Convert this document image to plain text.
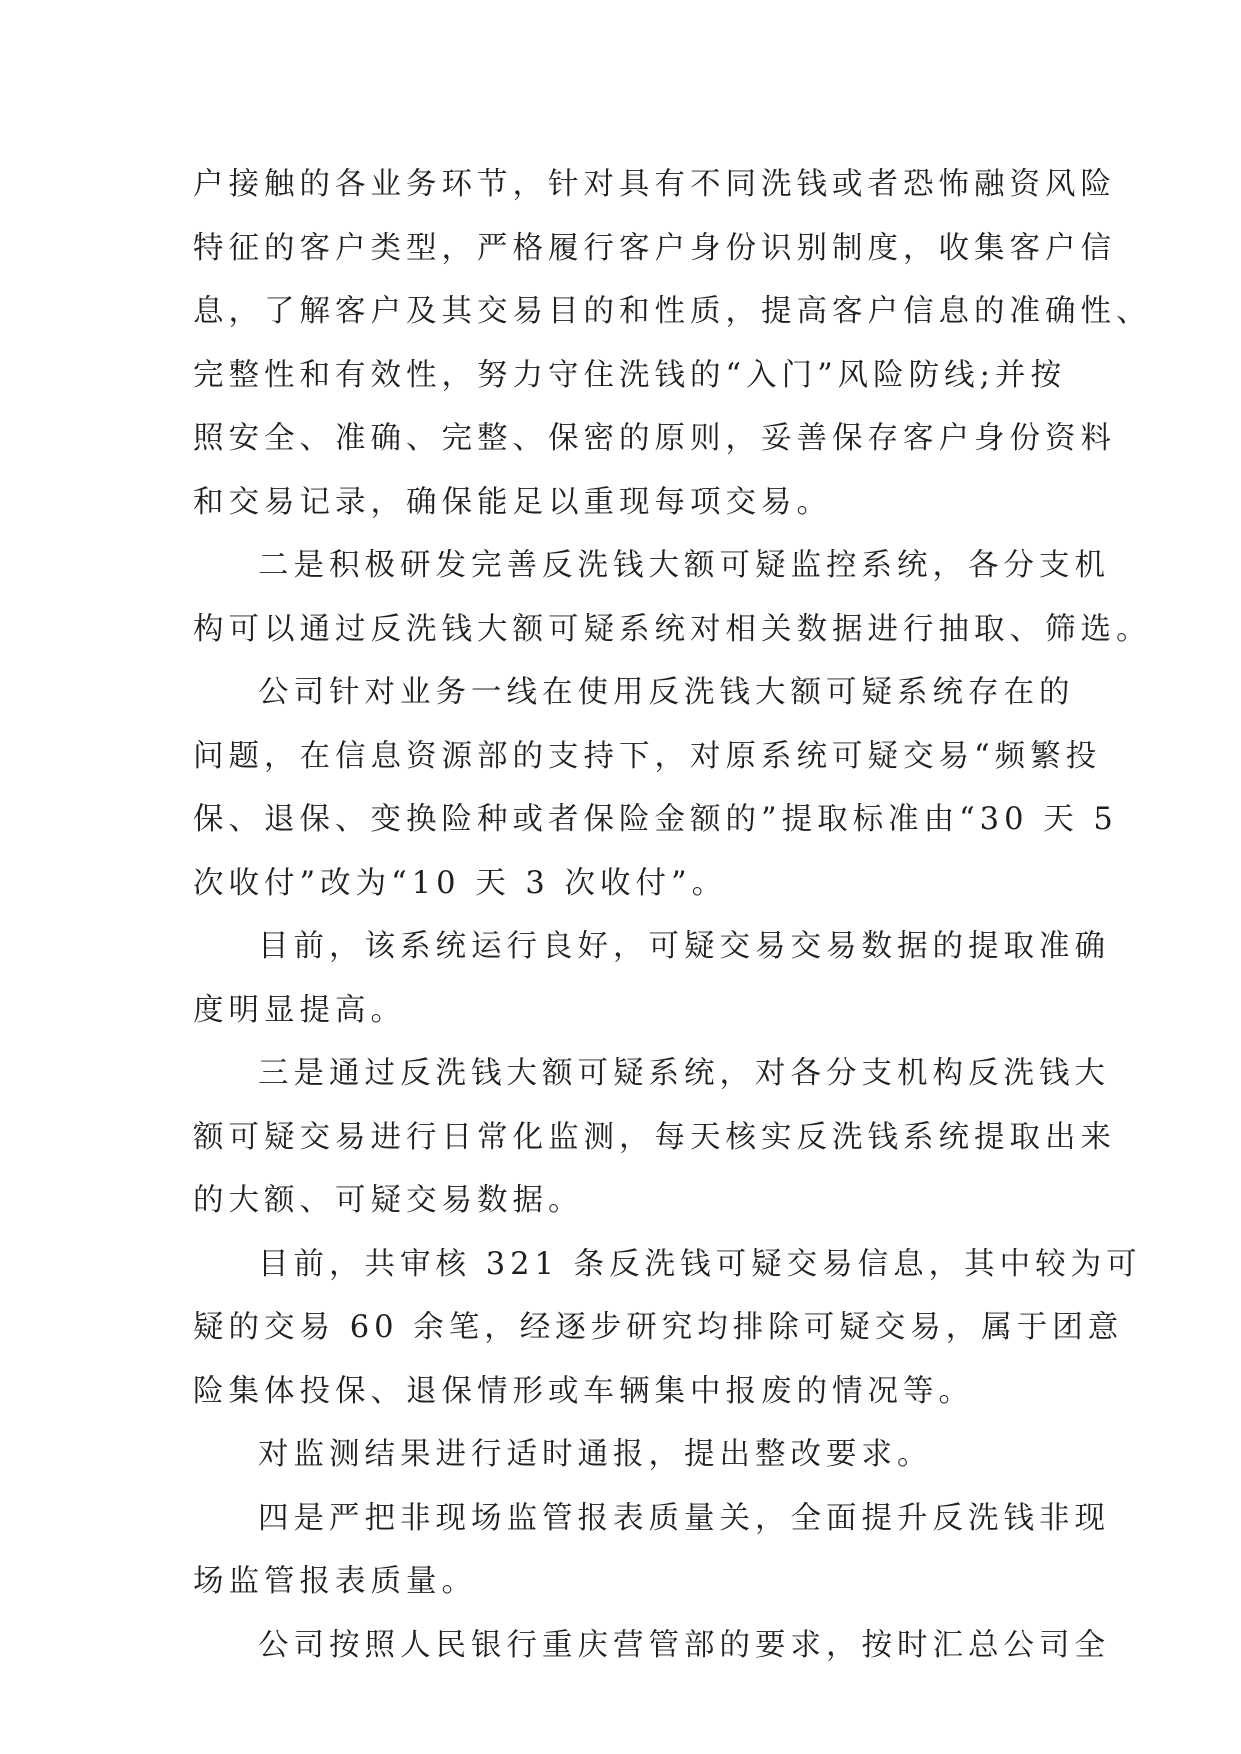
户接触的各业务环节，针对具有不同洗钱或者恐怖融资风险
特征的客户类型，严格履行客户身份识别制度，收集客户信
息，了解客户及其交易目的和性质，提高客户信息的准确性、
完整性和有效性，努力守住洗钱的“入门”风险防线;并按
照安全、准确、完整、保密的原则，妥善保存客户身份资料
和交易记录，确保能足以重现每项交易。
二是积极研发完善反洗钱大额可疑监控系统，各分支机
构可以通过反洗钱大额可疑系统对相关数据进行抽取、筛选。
公司针对业务一线在使用反洗钱大额可疑系统存在的
问题，在信息资源部的支持下，对原系统可疑交易“频繁投
保、退保、变换险种或者保险金额的”提取标准由“30 天 5
次收付”改为“10 天 3 次收付”。
目前，该系统运行良好，可疑交易交易数据的提取准确
度明显提高。
三是通过反洗钱大额可疑系统，对各分支机构反洗钱大
额可疑交易进行日常化监测，每天核实反洗钱系统提取出来
的大额、可疑交易数据。
目前，共审核 321 条反洗钱可疑交易信息，其中较为可
疑的交易 60 余笔，经逐步研究均排除可疑交易，属于团意
险集体投保、退保情形或车辆集中报废的情况等。
对监测结果进行适时通报，提出整改要求。
四是严把非现场监管报表质量关，全面提升反洗钱非现
场监管报表质量。
公司按照人民银行重庆营管部的要求，按时汇总公司全
